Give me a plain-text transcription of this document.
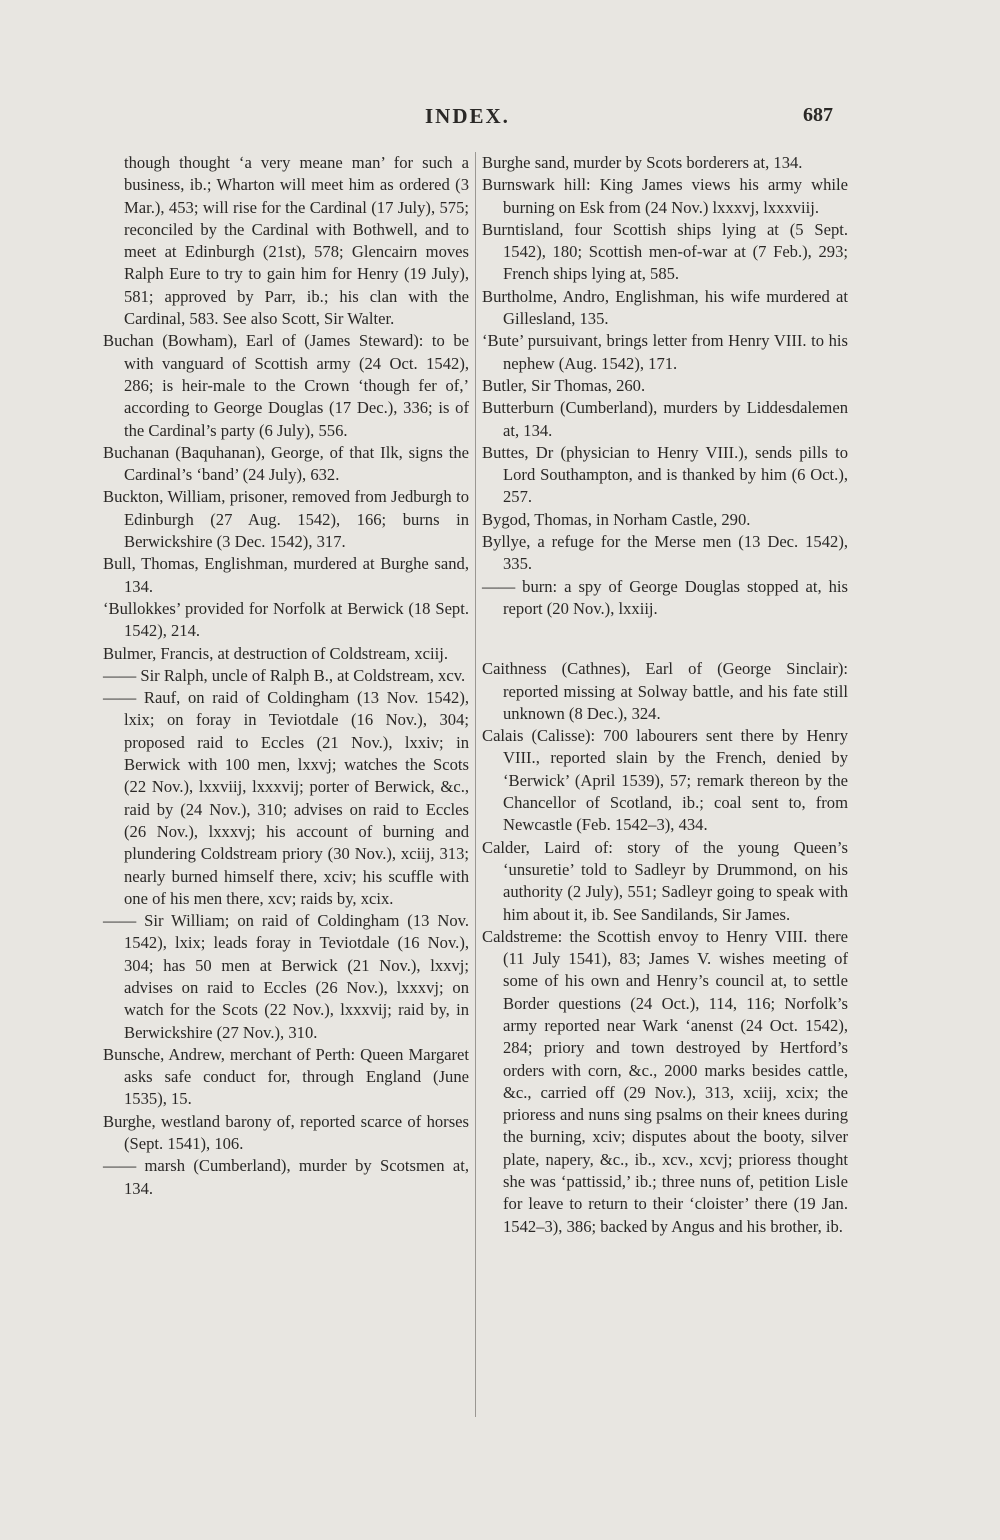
INDEX.	687

though thought ‘a very meane man’ for such a business, ib.; Wharton will meet him as ordered (3 Mar.), 453; will rise for the Cardinal (17 July), 575; reconciled by the Cardinal with Bothwell, and to meet at Edinburgh (21st), 578; Glencairn moves Ralph Eure to try to gain him for Henry (19 July), 581; approved by Parr, ib.; his clan with the Cardinal, 583. See also Scott, Sir Walter.

Buchan (Bowham), Earl of (James Steward): to be with vanguard of Scottish army (24 Oct. 1542), 286; is heir-male to the Crown ‘though fer of,’ according to George Douglas (17 Dec.), 336; is of the Cardinal’s party (6 July), 556.

Buchanan (Baquhanan), George, of that Ilk, signs the Cardinal’s ‘band’ (24 July), 632.

Buckton, William, prisoner, removed from Jedburgh to Edinburgh (27 Aug. 1542), 166; burns in Berwickshire (3 Dec. 1542), 317.

Bull, Thomas, Englishman, murdered at Burghe sand, 134.

‘Bullokkes’ provided for Norfolk at Berwick (18 Sept. 1542), 214.

Bulmer, Francis, at destruction of Coldstream, xciij.

—— Sir Ralph, uncle of Ralph B., at Coldstream, xcv.

—— Rauf, on raid of Coldingham (13 Nov. 1542), lxix; on foray in Teviotdale (16 Nov.), 304; proposed raid to Eccles (21 Nov.), lxxiv; in Berwick with 100 men, lxxvj; watches the Scots (22 Nov.), lxxviij, lxxxvij; porter of Berwick, &c., raid by (24 Nov.), 310; advises on raid to Eccles (26 Nov.), lxxxvj; his account of burning and plundering Coldstream priory (30 Nov.), xciij, 313; nearly burned himself there, xciv; his scuffle with one of his men there, xcv; raids by, xcix.

—— Sir William; on raid of Coldingham (13 Nov. 1542), lxix; leads foray in Teviotdale (16 Nov.), 304; has 50 men at Berwick (21 Nov.), lxxvj; advises on raid to Eccles (26 Nov.), lxxxvj; on watch for the Scots (22 Nov.), lxxxvij; raid by, in Berwickshire (27 Nov.), 310.

Bunsche, Andrew, merchant of Perth: Queen Margaret asks safe conduct for, through England (June 1535), 15.

Burghe, westland barony of, reported scarce of horses (Sept. 1541), 106.

—— marsh (Cumberland), murder by Scotsmen at, 134.

Burghe sand, murder by Scots borderers at, 134.

Burnswark hill: King James views his army while burning on Esk from (24 Nov.) lxxxvj, lxxxviij.

Burntisland, four Scottish ships lying at (5 Sept. 1542), 180; Scottish men-of-war at (7 Feb.), 293; French ships lying at, 585.

Burtholme, Andro, Englishman, his wife murdered at Gillesland, 135.

‘Bute’ pursuivant, brings letter from Henry VIII. to his nephew (Aug. 1542), 171.

Butler, Sir Thomas, 260.

Butterburn (Cumberland), murders by Liddesdalemen at, 134.

Buttes, Dr (physician to Henry VIII.), sends pills to Lord Southampton, and is thanked by him (6 Oct.), 257.

Bygod, Thomas, in Norham Castle, 290.

Byllye, a refuge for the Merse men (13 Dec. 1542), 335.

—— burn: a spy of George Douglas stopped at, his report (20 Nov.), lxxiij.

Caithness (Cathnes), Earl of (George Sinclair): reported missing at Solway battle, and his fate still unknown (8 Dec.), 324.

Calais (Calisse): 700 labourers sent there by Henry VIII., reported slain by the French, denied by ‘Berwick’ (April 1539), 57; remark thereon by the Chancellor of Scotland, ib.; coal sent to, from Newcastle (Feb. 1542–3), 434.

Calder, Laird of: story of the young Queen’s ‘unsuretie’ told to Sadleyr by Drummond, on his authority (2 July), 551; Sadleyr going to speak with him about it, ib. See Sandilands, Sir James.

Caldstreme: the Scottish envoy to Henry VIII. there (11 July 1541), 83; James V. wishes meeting of some of his own and Henry’s council at, to settle Border questions (24 Oct.), 114, 116; Norfolk’s army reported near Wark ‘anenst (24 Oct. 1542), 284; priory and town destroyed by Hertford’s orders with corn, &c., 2000 marks besides cattle, &c., carried off (29 Nov.), 313, xciij, xcix; the prioress and nuns sing psalms on their knees during the burning, xciv; disputes about the booty, silver plate, napery, &c., ib., xcv., xcvj; prioress thought she was ‘pattissid,’ ib.; three nuns of, petition Lisle for leave to return to their ‘cloister’ there (19 Jan. 1542–3), 386; backed by Angus and his brother, ib.
